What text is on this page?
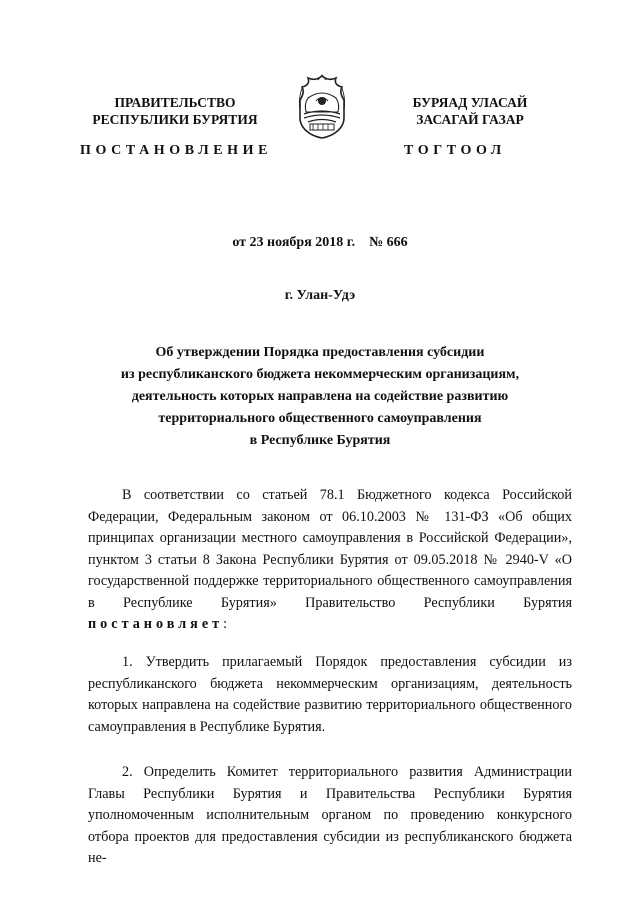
ПРАВИТЕЛЬСТВО
РЕСПУБЛИКИ БУРЯТИЯ
БУРЯАД УЛАСАЙ
ЗАСАГАЙ ГАЗАР
ПОСТАНОВЛЕНИЕ	ТОГТООЛ
от 23 ноября 2018 г.    № 666
г. Улан-Удэ
Об утверждении Порядка предоставления субсидии
из республиканского бюджета некоммерческим организациям,
деятельность которых направлена на содействие развитию
территориального общественного самоуправления
в Республике Бурятия

В соответствии со статьей 78.1 Бюджетного кодекса Российской Федерации, Федеральным законом от 06.10.2003 № 131-ФЗ «Об общих принципах организации местного самоуправления в Российской Федерации», пунктом 3 статьи 8 Закона Республики Бурятия от 09.05.2018 № 2940-V «О государственной поддержке территориального общественного самоуправления в Республике Бурятия» Правительство Республики Бурятия постановляет:

1. Утвердить прилагаемый Порядок предоставления субсидии из республиканского бюджета некоммерческим организациям, деятельность которых направлена на содействие развитию территориального общественного самоуправления в Республике Бурятия.

2. Определить Комитет территориального развития Администрации Главы Республики Бурятия и Правительства Республики Бурятия уполномоченным исполнительным органом по проведению конкурсного отбора проектов для предоставления субсидии из республиканского бюджета не-
